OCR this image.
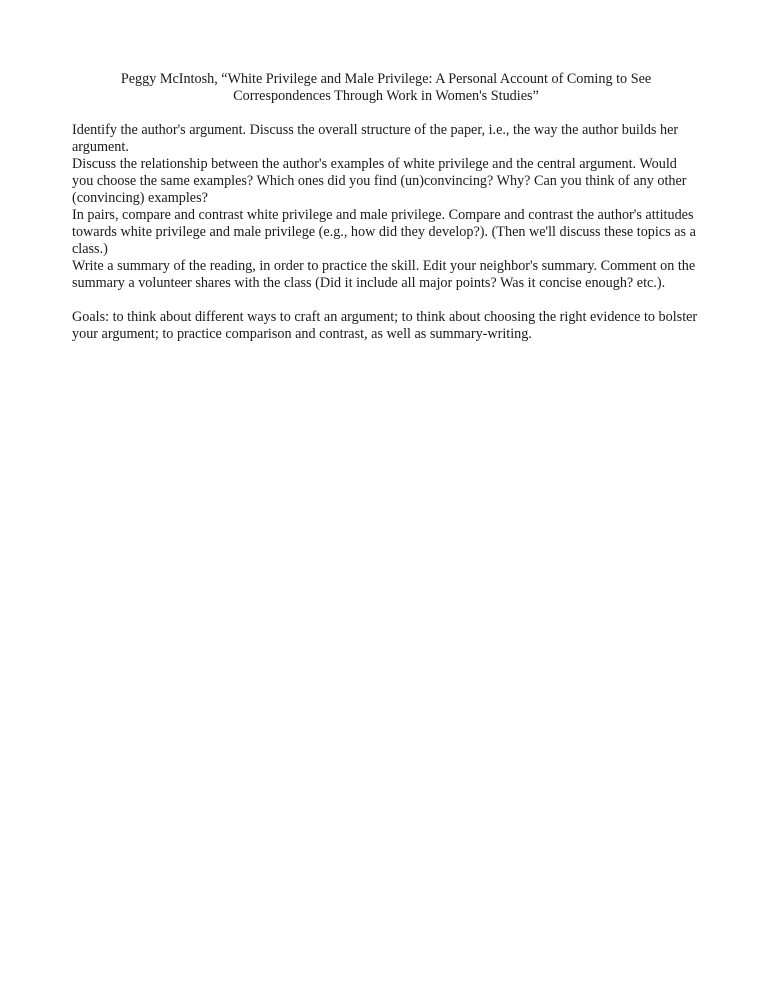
Peggy McIntosh, “White Privilege and Male Privilege: A Personal Account of Coming to See
Correspondences Through Work in Women's Studies”

Identify the author's argument. Discuss the overall structure of the paper, i.e., the way the author builds her argument.

Discuss the relationship between the author's examples of white privilege and the central argument. Would you choose the same examples? Which ones did you find (un)convincing? Why? Can you think of any other (convincing) examples?

In pairs, compare and contrast white privilege and male privilege. Compare and contrast the author's attitudes towards white privilege and male privilege (e.g., how did they develop?). (Then we'll discuss these topics as a class.)

Write a summary of the reading, in order to practice the skill. Edit your neighbor's summary. Comment on the summary a volunteer shares with the class (Did it include all major points? Was it concise enough? etc.).

Goals: to think about different ways to craft an argument; to think about choosing the right evidence to bolster your argument; to practice comparison and contrast, as well as summary-writing.
